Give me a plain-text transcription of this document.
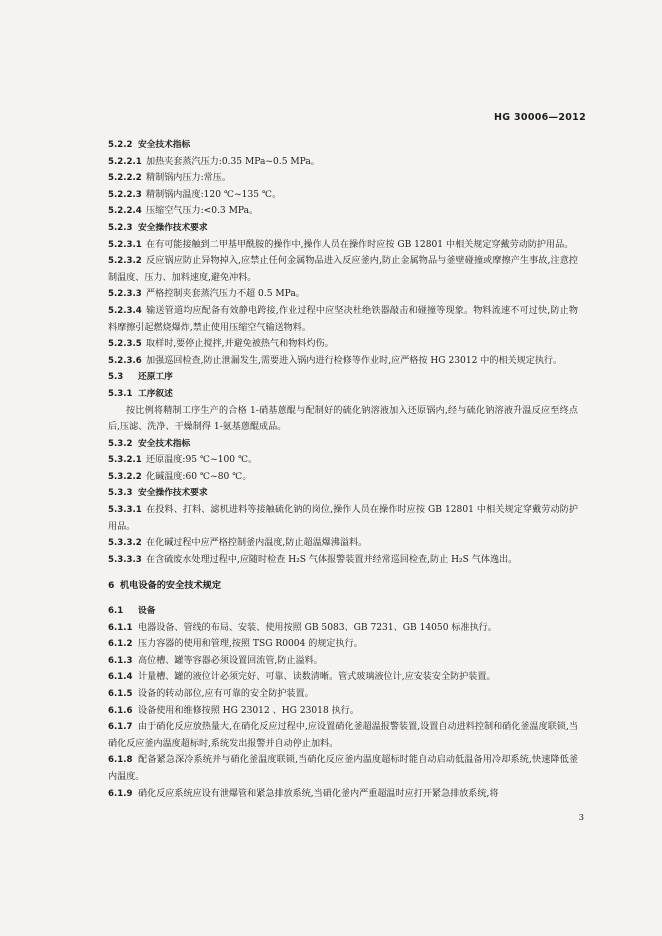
HG 30006—2012
5.2.2 安全技术指标
5.2.2.1 加热夹套蒸汽压力:0.35 MPa~0.5 MPa。
5.2.2.2 精制锅内压力:常压。
5.2.2.3 精制锅内温度:120 ℃~135 ℃。
5.2.2.4 压缩空气压力:<0.3 MPa。
5.2.3 安全操作技术要求
5.2.3.1 在有可能接触到二甲基甲酰胺的操作中,操作人员在操作时应按 GB 12801 中相关规定穿戴劳动防护用品。
5.2.3.2 反应锅应防止异物掉入,应禁止任何金属物品进入反应釜内,防止金属物品与釜壁碰撞或摩擦产生事故,注意控制温度、压力、加料速度,避免冲料。
5.2.3.3 严格控制夹套蒸汽压力不超 0.5 MPa。
5.2.3.4 输送管道均应配备有效静电跨接,作业过程中应坚决杜绝铁器敲击和碰撞等现象。物料流速不可过快,防止物料摩擦引起燃烧爆炸,禁止使用压缩空气输送物料。
5.2.3.5 取样时,要停止搅拌,并避免被热气和物料灼伤。
5.2.3.6 加强巡回检查,防止泄漏发生,需要进入锅内进行检修等作业时,应严格按 HG 23012 中的相关规定执行。
5.3 还原工序
5.3.1 工序叙述
按比例将精制工序生产的合格 1-硝基蒽醌与配制好的硫化钠溶液加入还原锅内,经与硫化钠溶液升温反应至终点后,压滤、洗净、干燥制得 1-氨基蒽醌成品。
5.3.2 安全技术指标
5.3.2.1 还原温度:95 ℃~100 ℃。
5.3.2.2 化碱温度:60 ℃~80 ℃。
5.3.3 安全操作技术要求
5.3.3.1 在投料、打料、滤机进料等接触硫化钠的岗位,操作人员在操作时应按 GB 12801 中相关规定穿戴劳动防护用品。
5.3.3.2 在化碱过程中应严格控制釜内温度,防止超温爆沸溢料。
5.3.3.3 在含硫废水处理过程中,应随时检查 H₂S 气体报警装置并经常巡回检查,防止 H₂S 气体逸出。
6 机电设备的安全技术规定
6.1 设备
6.1.1 电器设备、管线的布局、安装、使用按照 GB 5083、GB 7231、GB 14050 标准执行。
6.1.2 压力容器的使用和管理,按照 TSG R0004 的规定执行。
6.1.3 高位槽、罐等容器必须设置回流管,防止溢料。
6.1.4 计量槽、罐的液位计必须完好、可靠、读数清晰。管式玻璃液位计,应安装安全防护装置。
6.1.5 设备的转动部位,应有可靠的安全防护装置。
6.1.6 设备使用和维修按照 HG 23012 、HG 23018 执行。
6.1.7 由于硝化反应放热量大,在硝化反应过程中,应设置硝化釜超温报警装置,设置自动进料控制和硝化釜温度联锁,当硝化反应釜内温度超标时,系统发出报警并自动停止加料。
6.1.8 配备紧急深冷系统并与硝化釜温度联锁,当硝化反应釜内温度超标时能自动启动低温备用冷却系统,快速降低釜内温度。
6.1.9 硝化反应系统应设有泄爆管和紧急排放系统,当硝化釜内严重超温时应打开紧急排放系统,将
3
